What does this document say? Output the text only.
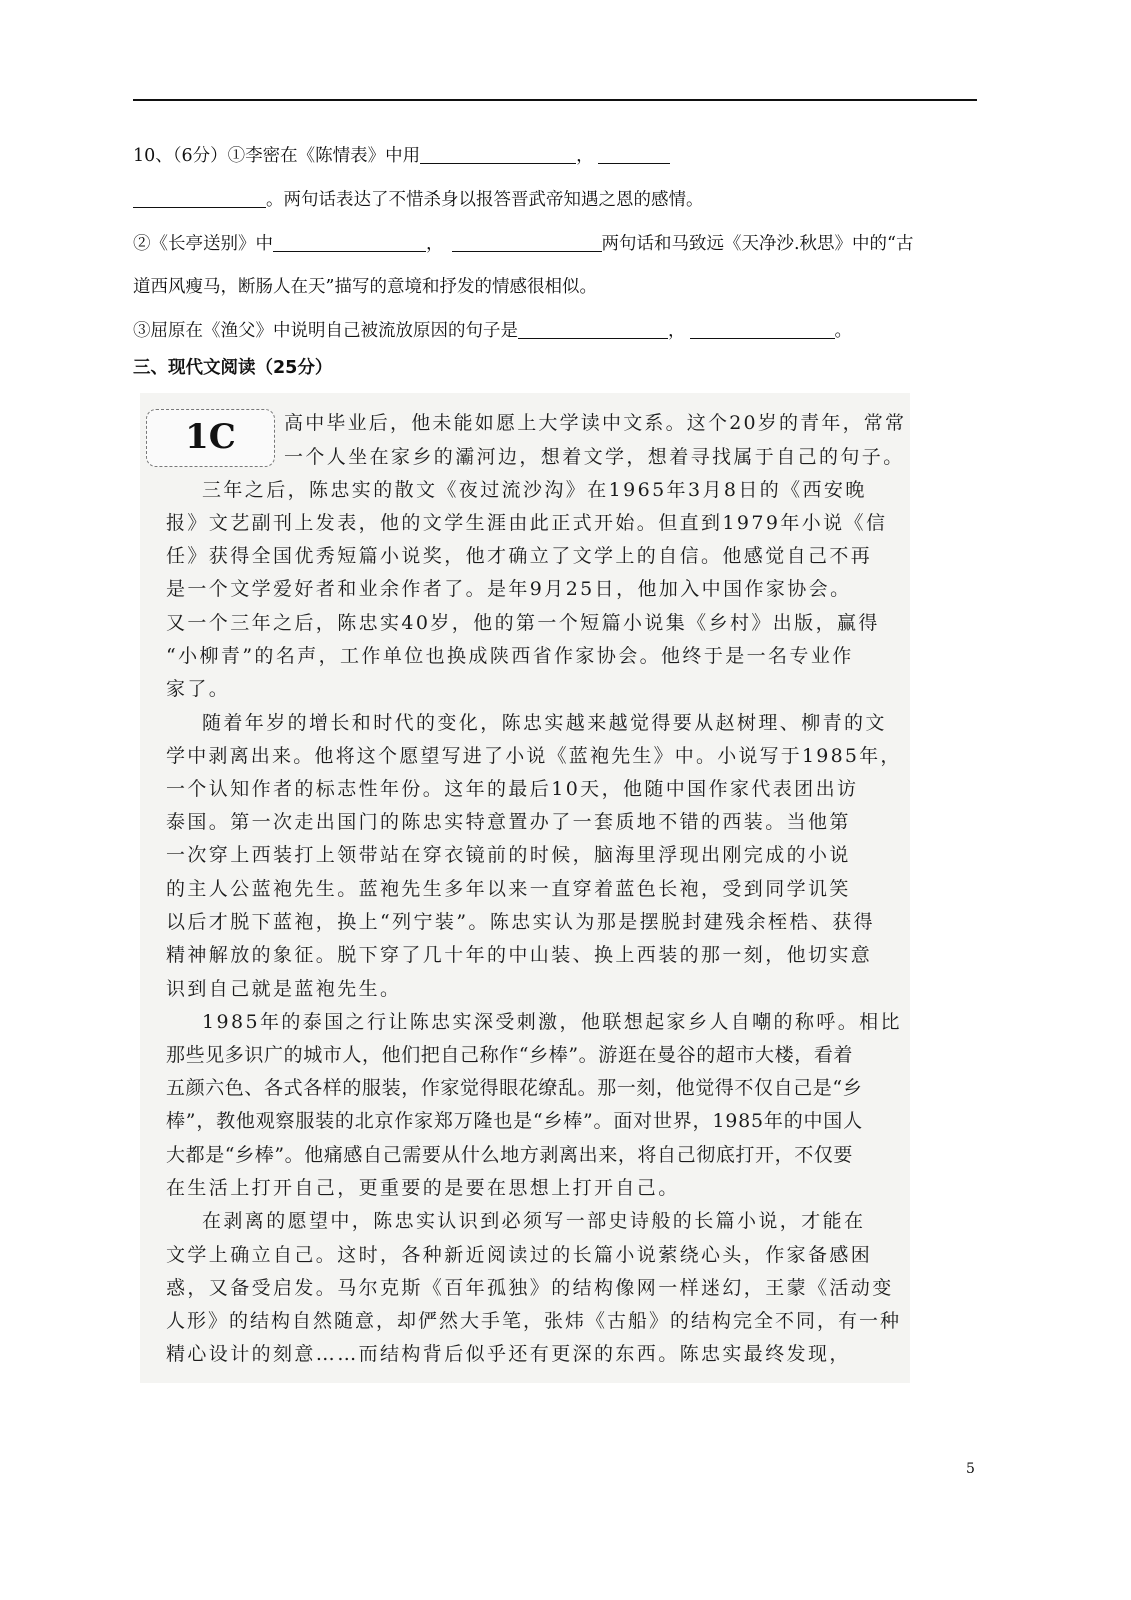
10、（6分）①李密在《陈情表》中用	，
。两句话表达了不惜杀身以报答晋武帝知遇之恩的感情。
②《长亭送别》中	，	两句话和马致远《天净沙.秋思》中的“古
道西风瘦马，断肠人在天”描写的意境和抒发的情感很相似。
③屈原在《渔父》中说明自己被流放原因的句子是	，	。
三、现代文阅读（25分）
1C	高中毕业后，他未能如愿上大学读中文系。这个20岁的青年，常常
一个人坐在家乡的灞河边，想着文学，想着寻找属于自己的句子。
三年之后，陈忠实的散文《夜过流沙沟》在1965年3月8日的《西安晚
报》文艺副刊上发表，他的文学生涯由此正式开始。但直到1979年小说《信
任》获得全国优秀短篇小说奖，他才确立了文学上的自信。他感觉自己不再
是一个文学爱好者和业余作者了。是年9月25日，他加入中国作家协会。
又一个三年之后，陈忠实40岁，他的第一个短篇小说集《乡村》出版，赢得
“小柳青”的名声，工作单位也换成陕西省作家协会。他终于是一名专业作
家了。
随着年岁的增长和时代的变化，陈忠实越来越觉得要从赵树理、柳青的文
学中剥离出来。他将这个愿望写进了小说《蓝袍先生》中。小说写于1985年，
一个认知作者的标志性年份。这年的最后10天，他随中国作家代表团出访
泰国。第一次走出国门的陈忠实特意置办了一套质地不错的西装。当他第
一次穿上西装打上领带站在穿衣镜前的时候，脑海里浮现出刚完成的小说
的主人公蓝袍先生。蓝袍先生多年以来一直穿着蓝色长袍，受到同学讥笑
以后才脱下蓝袍，换上“列宁装”。陈忠实认为那是摆脱封建残余桎梏、获得
精神解放的象征。脱下穿了几十年的中山装、换上西装的那一刻，他切实意
识到自己就是蓝袍先生。
1985年的泰国之行让陈忠实深受刺激，他联想起家乡人自嘲的称呼。相比
那些见多识广的城市人，他们把自己称作“乡棒”。游逛在曼谷的超市大楼，看着
五颜六色、各式各样的服装，作家觉得眼花缭乱。那一刻，他觉得不仅自己是“乡
棒”，教他观察服装的北京作家郑万隆也是“乡棒”。面对世界，1985年的中国人
大都是“乡棒”。他痛感自己需要从什么地方剥离出来，将自己彻底打开，不仅要
在生活上打开自己，更重要的是要在思想上打开自己。
在剥离的愿望中，陈忠实认识到必须写一部史诗般的长篇小说，才能在
文学上确立自己。这时，各种新近阅读过的长篇小说萦绕心头，作家备感困
惑，又备受启发。马尔克斯《百年孤独》的结构像网一样迷幻，王蒙《活动变
人形》的结构自然随意，却俨然大手笔，张炜《古船》的结构完全不同，有一种
精心设计的刻意……而结构背后似乎还有更深的东西。陈忠实最终发现，
5
